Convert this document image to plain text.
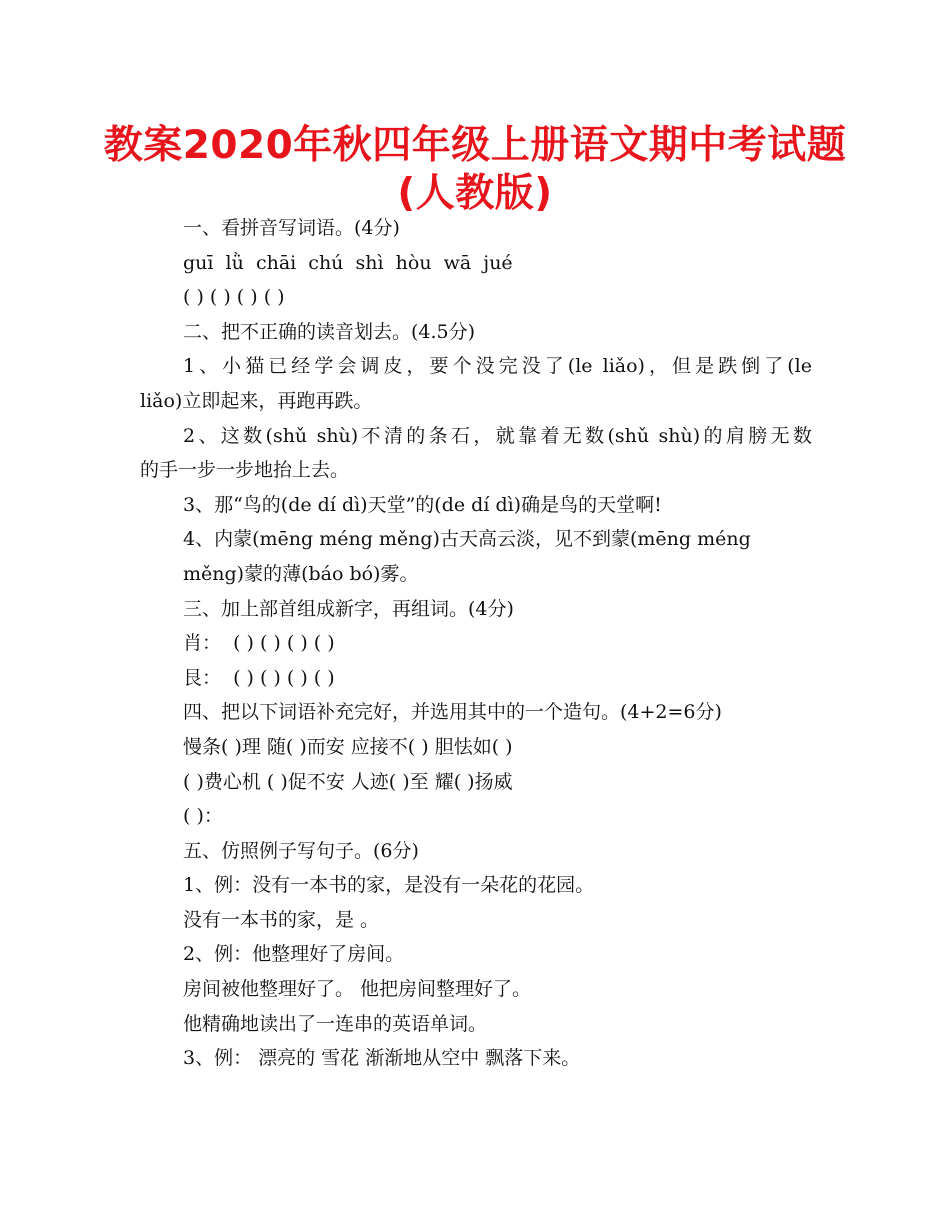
教案2020年秋四年级上册语文期中考试题
(人教版)
一、看拼音写词语。(4分)
guī  lǜ  chāi  chú  shì  hòu  wā  jué
( ) ( ) ( ) ( )
二、把不正确的读音划去。(4.5分)
1、小猫已经学会调皮，要个没完没了(le liǎo)，但是跌倒了(le
liǎo)立即起来，再跑再跌。
2、这数(shǔ shù)不清的条石，就靠着无数(shǔ shù)的肩膀无数
的手一步一步地抬上去。
3、那“鸟的(de dí dì)天堂”的(de dí dì)确是鸟的天堂啊!
4、内蒙(mēng méng měng)古天高云淡，见不到蒙(mēng méng
měng)蒙的薄(báo bó)雾。
三、加上部首组成新字，再组词。(4分)
肖：  ( ) ( ) ( ) ( )
艮：  ( ) ( ) ( ) ( )
四、把以下词语补充完好，并选用其中的一个造句。(4+2=6分)
慢条( )理 随( )而安 应接不( ) 胆怯如( )
( )费心机 ( )促不安 人迹( )至 耀( )扬威
( )：
五、仿照例子写句子。(6分)
1、例：没有一本书的家，是没有一朵花的花园。
没有一本书的家，是 。
2、例：他整理好了房间。
房间被他整理好了。 他把房间整理好了。
他精确地读出了一连串的英语单词。
3、例： 漂亮的 雪花 渐渐地从空中 飘落下来。
